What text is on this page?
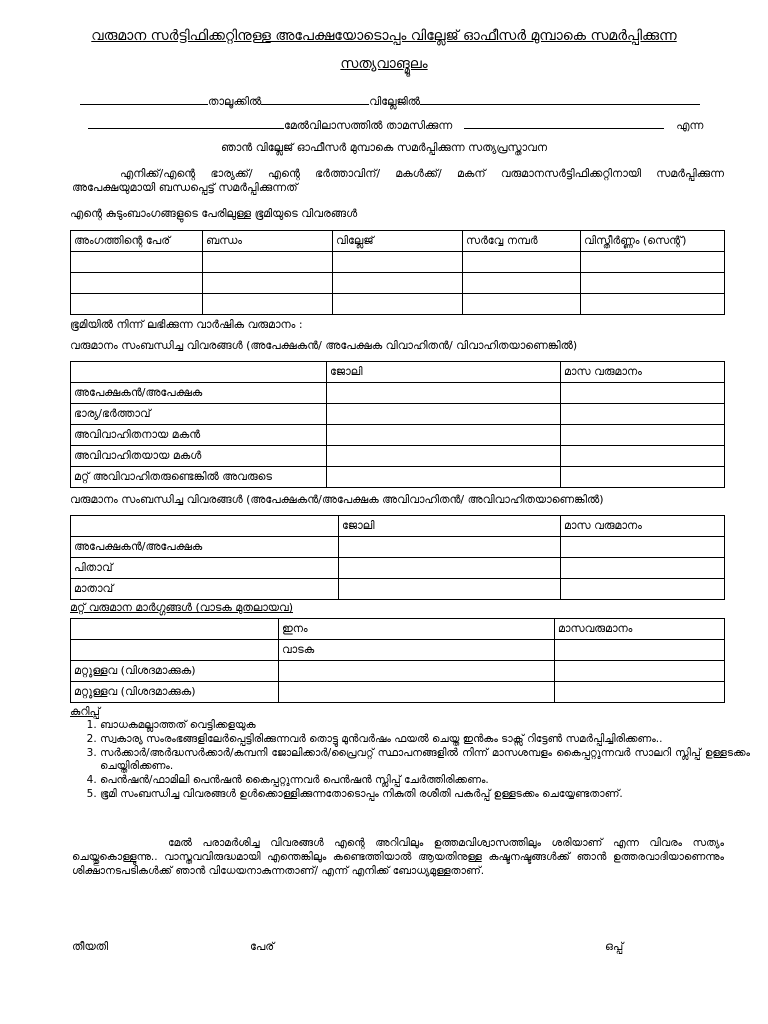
വരുമാന സർട്ടിഫിക്കറ്റിനുള്ള അപേക്ഷയോടൊപ്പം വില്ലേജ് ഓഫീസർ മുമ്പാകെ സമർപ്പിക്കുന്ന
സത്യവാങ്മൂലം
താലൂക്കിൽ	വില്ലേജിൽ
മേൽവിലാസത്തിൽ താമസിക്കുന്ന	എന്ന
ഞാൻ വില്ലേജ് ഓഫീസർ മുമ്പാകെ സമർപ്പിക്കുന്ന സത്യപ്രസ്താവന
എനിക്ക്/എന്റെ ഭാര്യക്ക്/ എന്റെ ഭർത്താവിന്/ മകൾക്ക്/ മകന് വരുമാനസർട്ടിഫിക്കറ്റിനായി സമർപ്പിക്കുന്ന അപേക്ഷയുമായി ബന്ധപ്പെട്ട് സമർപ്പിക്കുന്നത്
എന്റെ കുടുംബാംഗങ്ങളുടെ പേരിലുള്ള ഭൂമിയുടെ വിവരങ്ങൾ
അംഗത്തിന്റെ പേര്	ബന്ധം	വില്ലേജ്	സർവ്വേ നമ്പർ	വിസ്തീർണ്ണം (സെന്റ്)

ഭൂമിയിൽ നിന്ന് ലഭിക്കുന്ന വാർഷിക വരുമാനം :
വരുമാനം സംബന്ധിച്ച വിവരങ്ങൾ (അപേക്ഷകൻ/ അപേക്ഷക വിവാഹിതൻ/ വിവാഹിതയാണെങ്കിൽ)
	ജോലി	മാസ വരുമാനം
അപേക്ഷകൻ/അപേക്ഷക		
ഭാര്യ/ഭർത്താവ്		
അവിവാഹിതനായ മകൻ		
അവിവാഹിതയായ മകൾ		
മറ്റ് അവിവാഹിതരുണ്ടെങ്കിൽ അവരുടെ		
വരുമാനം സംബന്ധിച്ച വിവരങ്ങൾ (അപേക്ഷകൻ/അപേക്ഷക അവിവാഹിതൻ/ അവിവാഹിതയാണെങ്കിൽ)
	ജോലി	മാസ വരുമാനം
അപേക്ഷകൻ/അപേക്ഷക		
പിതാവ്		
മാതാവ്		
മറ്റ് വരുമാന മാർഗ്ഗങ്ങൾ (വാടക മുതലായവ)
	ഇനം	മാസവരുമാനം
	വാടക	
മറ്റുള്ളവ (വിശദമാക്കുക)		
മറ്റുള്ളവ (വിശദമാക്കുക)		
കുറിപ്പ്
1. ബാധകമല്ലാത്തത് വെട്ടിക്കളയുക
2. സ്വകാര്യ സംരംഭങ്ങളിലേർപ്പെട്ടിരിക്കുന്നവർ തൊട്ടു മുൻവർഷം ഫയൽ ചെയ്ത ഇൻകം ടാക്സ് റിട്ടേൺ സമർപ്പിച്ചിരിക്കണം..
3. സർക്കാർ/അർദ്ധസർക്കാർ/കമ്പനി ജോലിക്കാർ/പ്രൈവറ്റ് സ്ഥാപനങ്ങളിൽ നിന്ന് മാസശമ്പളം കൈപ്പറ്റുന്നവർ സാലറി സ്ലിപ്പ് ഉള്ളടക്കം ചെയ്തിരിക്കണം.
4. പെൻഷൻ/ഫാമിലി പെൻഷൻ കൈപ്പറ്റുന്നവർ പെൻഷൻ സ്ലിപ്പ് ചേർത്തിരിക്കണം.
5. ഭൂമി സംബന്ധിച്ച വിവരങ്ങൾ ഉൾക്കൊള്ളിക്കുന്നതോടൊപ്പം നികുതി രശീതി പകർപ്പ് ഉള്ളടക്കം ചെയ്യേണ്ടതാണ്.
മേൽ പരാമർശിച്ച വിവരങ്ങൾ എന്റെ അറിവിലും ഉത്തമവിശ്വാസത്തിലും ശരിയാണ് എന്ന വിവരം സത്യം ചെയ്തുകൊള്ളുന്നു.. വാസ്തവവിരുദ്ധമായി എന്തെങ്കിലും കണ്ടെത്തിയാൽ ആയതിനുള്ള കഷ്ടനഷ്ടങ്ങൾക്ക് ഞാൻ ഉത്തരവാദിയാണെന്നും ശിക്ഷാനടപടികൾക്ക് ഞാൻ വിധേയനാകുന്നതാണ്/ എന്ന് എനിക്ക് ബോധ്യമുള്ളതാണ്.
തീയതി	പേര്	ഒപ്പ്
